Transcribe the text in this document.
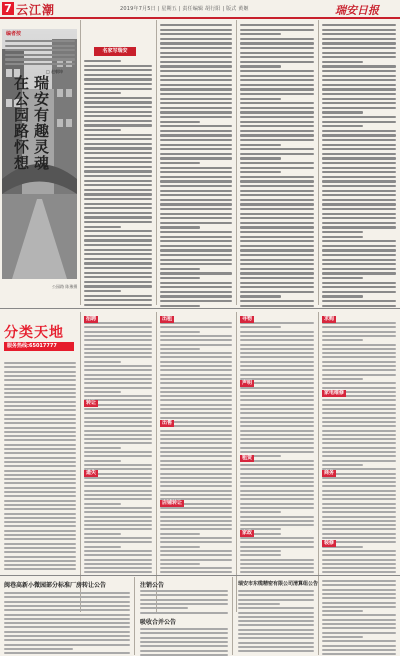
7 云江潮	2019年7月5日 | 星期五 | 责任编辑 胡行阳 | 版式 黄姬	瑞安日报
公园路 陈豫摄
编者按
瑞安有趣灵魂
在公园路怀想
□ 赵朝坤
名家写瑞安
分类天地
服务热线:65017777
招聘
转让
遗失
出租
出售
店铺转让
寻物
声明
租赁
家政
求购
家电维修
商务
装修
闽巷高新小微园部分标准厂房转让公告	注销公告
吸收合并公告
瑞安市东缆精密有限公司清算组公告
